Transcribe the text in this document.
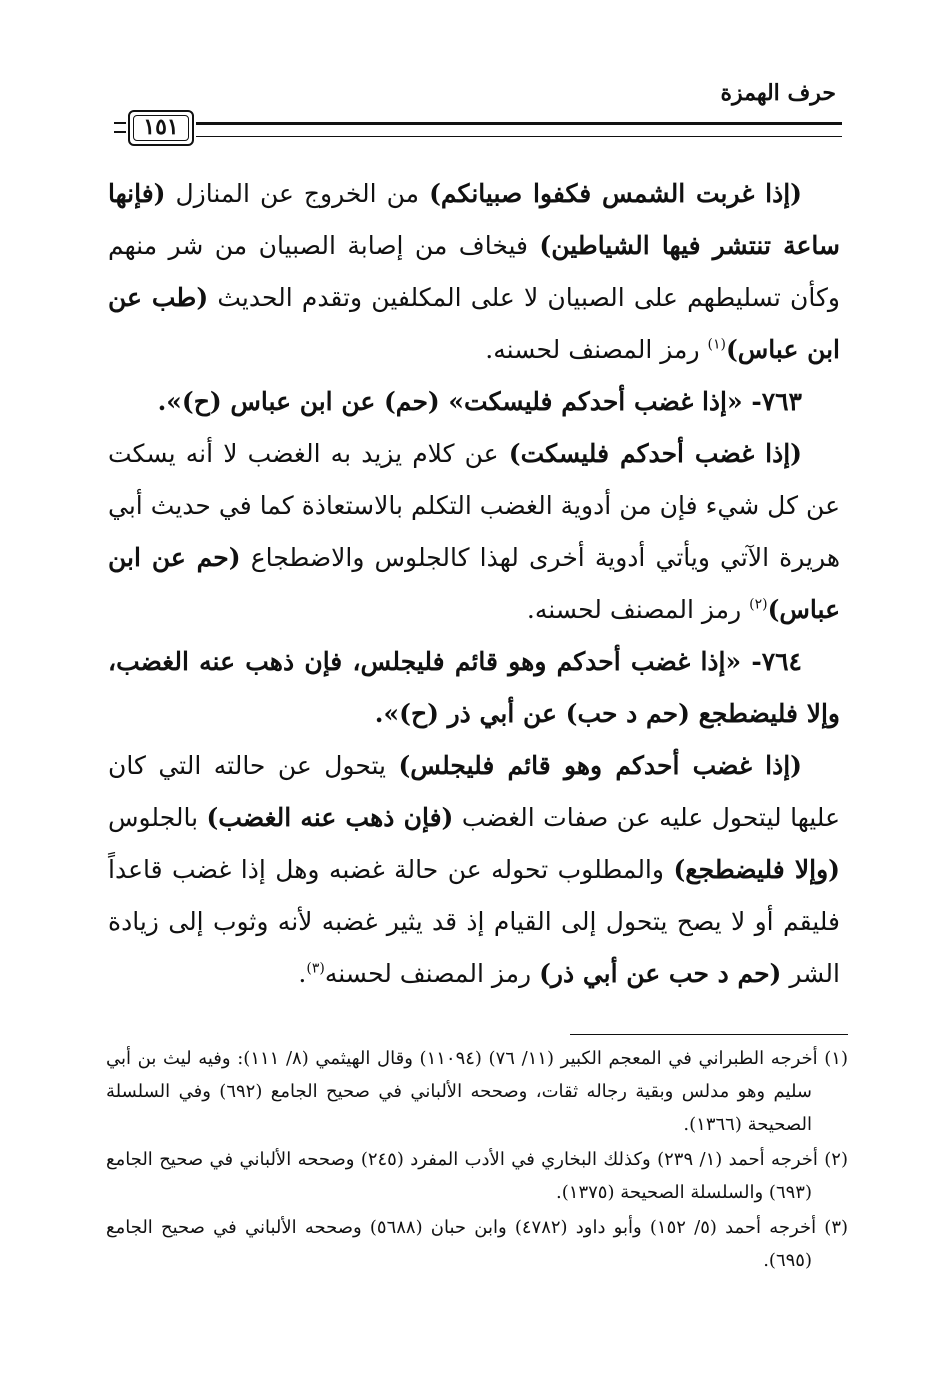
حرف الهمزة
١٥١

(إذا غربت الشمس فكفوا صبيانكم) من الخروج عن المنازل (فإنها ساعة تنتشر فيها الشياطين) فيخاف من إصابة الصبيان من شر منهم وكأن تسليطهم على الصبيان لا على المكلفين وتقدم الحديث (طب عن ابن عباس)$^{(١)}$ رمز المصنف لحسنه.

٧٦٣- «إذا غضب أحدكم فليسكت» (حم) عن ابن عباس (ح)».

(إذا غضب أحدكم فليسكت) عن كلام يزيد به الغضب لا أنه يسكت عن كل شيء فإن من أدوية الغضب التكلم بالاستعاذة كما في حديث أبي هريرة الآتي ويأتي أدوية أخرى لهذا كالجلوس والاضطجاع (حم عن ابن عباس)$^{(٢)}$ رمز المصنف لحسنه.

٧٦٤- «إذا غضب أحدكم وهو قائم فليجلس، فإن ذهب عنه الغضب، وإلا فليضطجع (حم د حب) عن أبي ذر (ح)».

(إذا غضب أحدكم وهو قائم فليجلس) يتحول عن حالته التي كان عليها ليتحول عليه عن صفات الغضب (فإن ذهب عنه الغضب) بالجلوس (وإلا فليضطجع) والمطلوب تحوله عن حالة غضبه وهل إذا غضب قاعداً فليقم أو لا يصح يتحول إلى القيام إذ قد يثير غضبه لأنه وثوب إلى زيادة الشر (حم د حب عن أبي ذر) رمز المصنف لحسنه$^{(٣)}$.

(١) أخرجه الطبراني في المعجم الكبير (١١/ ٧٦) (١١٠٩٤) وقال الهيثمي (٨/ ١١١): وفيه ليث بن أبي سليم وهو مدلس وبقية رجاله ثقات، وصححه الألباني في صحيح الجامع (٦٩٢) وفي السلسلة الصحيحة (١٣٦٦).

(٢) أخرجه أحمد (١/ ٢٣٩) وكذلك البخاري في الأدب المفرد (٢٤٥) وصححه الألباني في صحيح الجامع (٦٩٣) والسلسلة الصحيحة (١٣٧٥).

(٣) أخرجه أحمد (٥/ ١٥٢) وأبو داود (٤٧٨٢) وابن حبان (٥٦٨٨) وصححه الألباني في صحيح الجامع (٦٩٥).
